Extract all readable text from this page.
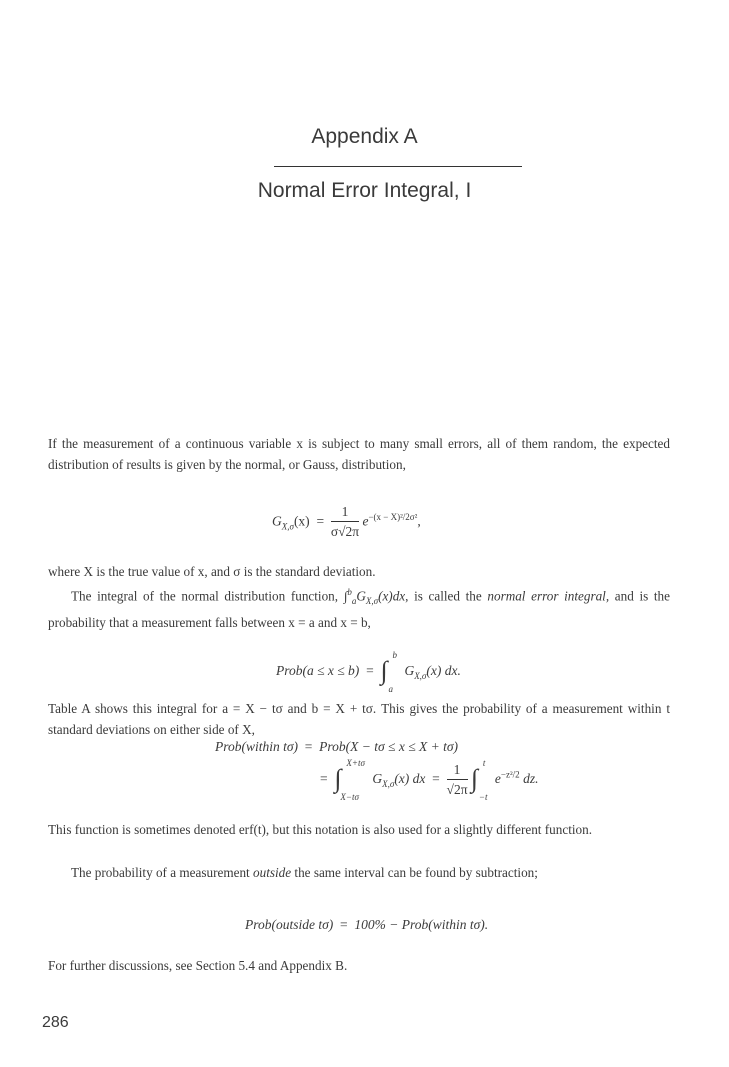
Appendix A
Normal Error Integral, I

If the measurement of a continuous variable x is subject to many small errors, all of them random, the expected distribution of results is given by the normal, or Gauss, distribution,

$G_{X,\sigma}(x) = \frac{1}{\sigma√2\pi} e^{-(x - X)^2/2\sigma^2}$,

where X is the true value of x, and σ is the standard deviation.

The integral of the normal distribution function, $\int^b_aG_{X,\sigma}(x)dx$, is called the normal error integral, and is the probability that a measurement falls between x = a and x = b,

Prob(a ≤ x ≤ b) = ∫
b
a
$G_{X,\sigma}(x)$ dx.

Table A shows this integral for a = X − tσ and b = X + tσ. This gives the probability of a measurement within t standard deviations on either side of X,

Prob(within tσ) = Prob(X − tσ ≤ x ≤ X + tσ)
= ∫
X+tσ
X−tσ
$G_{X,\sigma}(x)$ dx = $\frac{1}{√2\pi}$
∫
t
−t
$e^{-z^2/2}$ dz.

This function is sometimes denoted erf(t), but this notation is also used for a slightly different function.

The probability of a measurement outside the same interval can be found by subtraction;

Prob(outside tσ) = 100% − Prob(within tσ).

For further discussions, see Section 5.4 and Appendix B.

286
